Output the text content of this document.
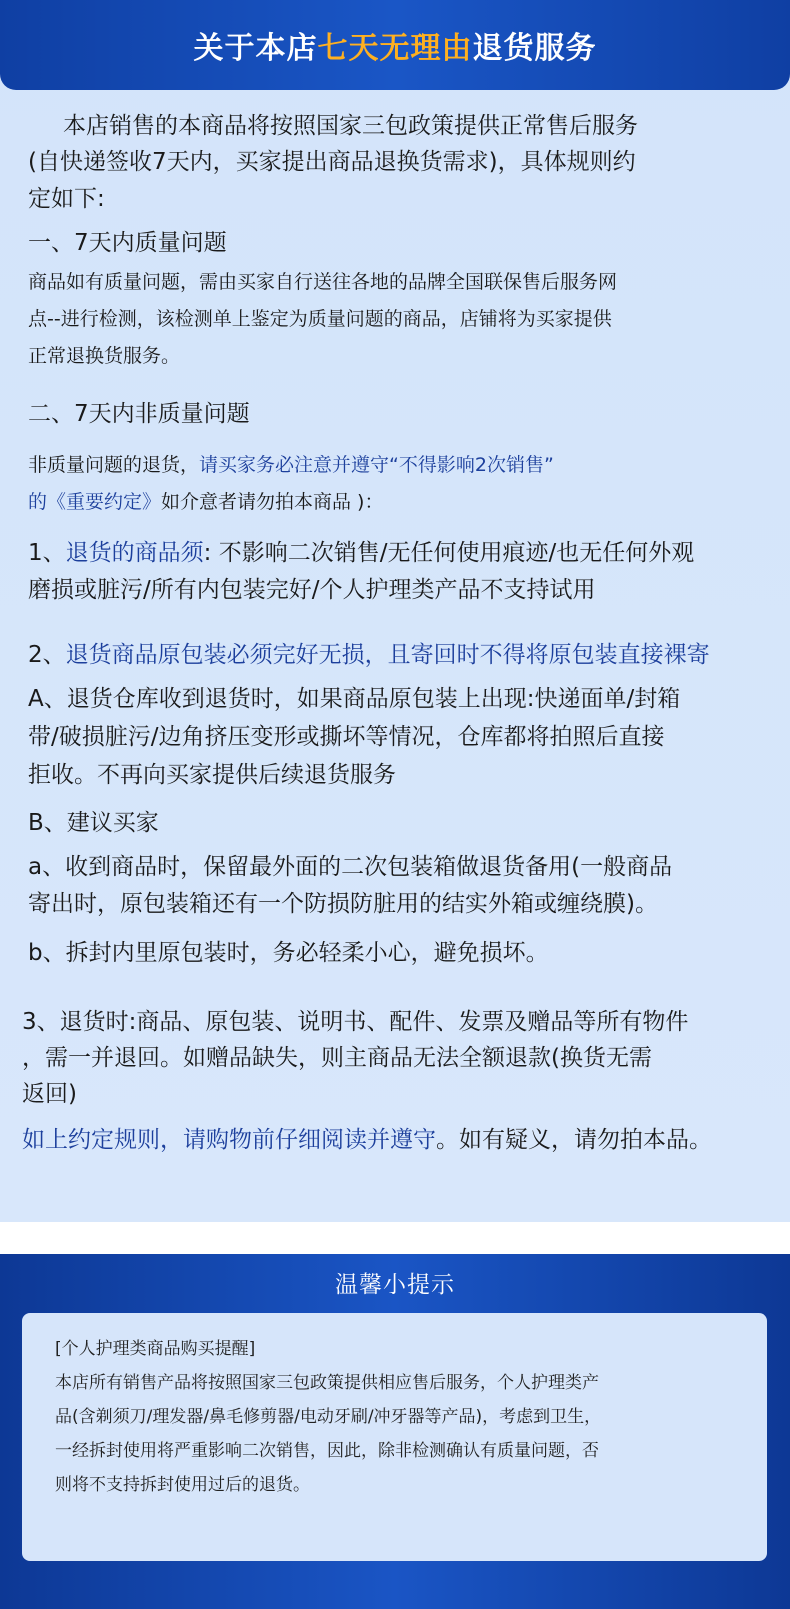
关于本店 七天无理由 退货服务
本店销售的本商品将按照国家三包政策提供正常售后服务
(自快递签收7天内，买家提出商品退换货需求)，具体规则约
定如下:
一、7天内质量问题
商品如有质量问题，需由买家自行送往各地的品牌全国联保售后服务网
点--进行检测，该检测单上鉴定为质量问题的商品，店铺将为买家提供
正常退换货服务。
二、7天内非质量问题
非质量问题的退货，请买家务必注意并遵守“不得影响2次销售”
的《重要约定》如介意者请勿拍本商品 )：
1、退货的商品须: 不影响二次销售/无任何使用痕迹/也无任何外观
磨损或脏污/所有内包装完好/个人护理类产品不支持试用
2、退货商品原包装必须完好无损，且寄回时不得将原包装直接裸寄
A、退货仓库收到退货时，如果商品原包装上出现:快递面单/封箱
带/破损脏污/边角挤压变形或撕坏等情况，仓库都将拍照后直接
拒收。不再向买家提供后续退货服务
B、建议买家
a、收到商品时，保留最外面的二次包装箱做退货备用(一般商品
寄出时，原包装箱还有一个防损防脏用的结实外箱或缠绕膜)。
b、拆封内里原包装时，务必轻柔小心，避免损坏。
3、退货时:商品、原包装、说明书、配件、发票及赠品等所有物件
，需一并退回。如赠品缺失，则主商品无法全额退款(换货无需
返回)
如上约定规则，请购物前仔细阅读并遵守。如有疑义，请勿拍本品。
温馨小提示
[个人护理类商品购买提醒]
本店所有销售产品将按照国家三包政策提供相应售后服务，个人护理类产
品(含剃须刀/理发器/鼻毛修剪器/电动牙刷/冲牙器等产品)，考虑到卫生，
一经拆封使用将严重影响二次销售，因此，除非检测确认有质量问题，否
则将不支持拆封使用过后的退货。
